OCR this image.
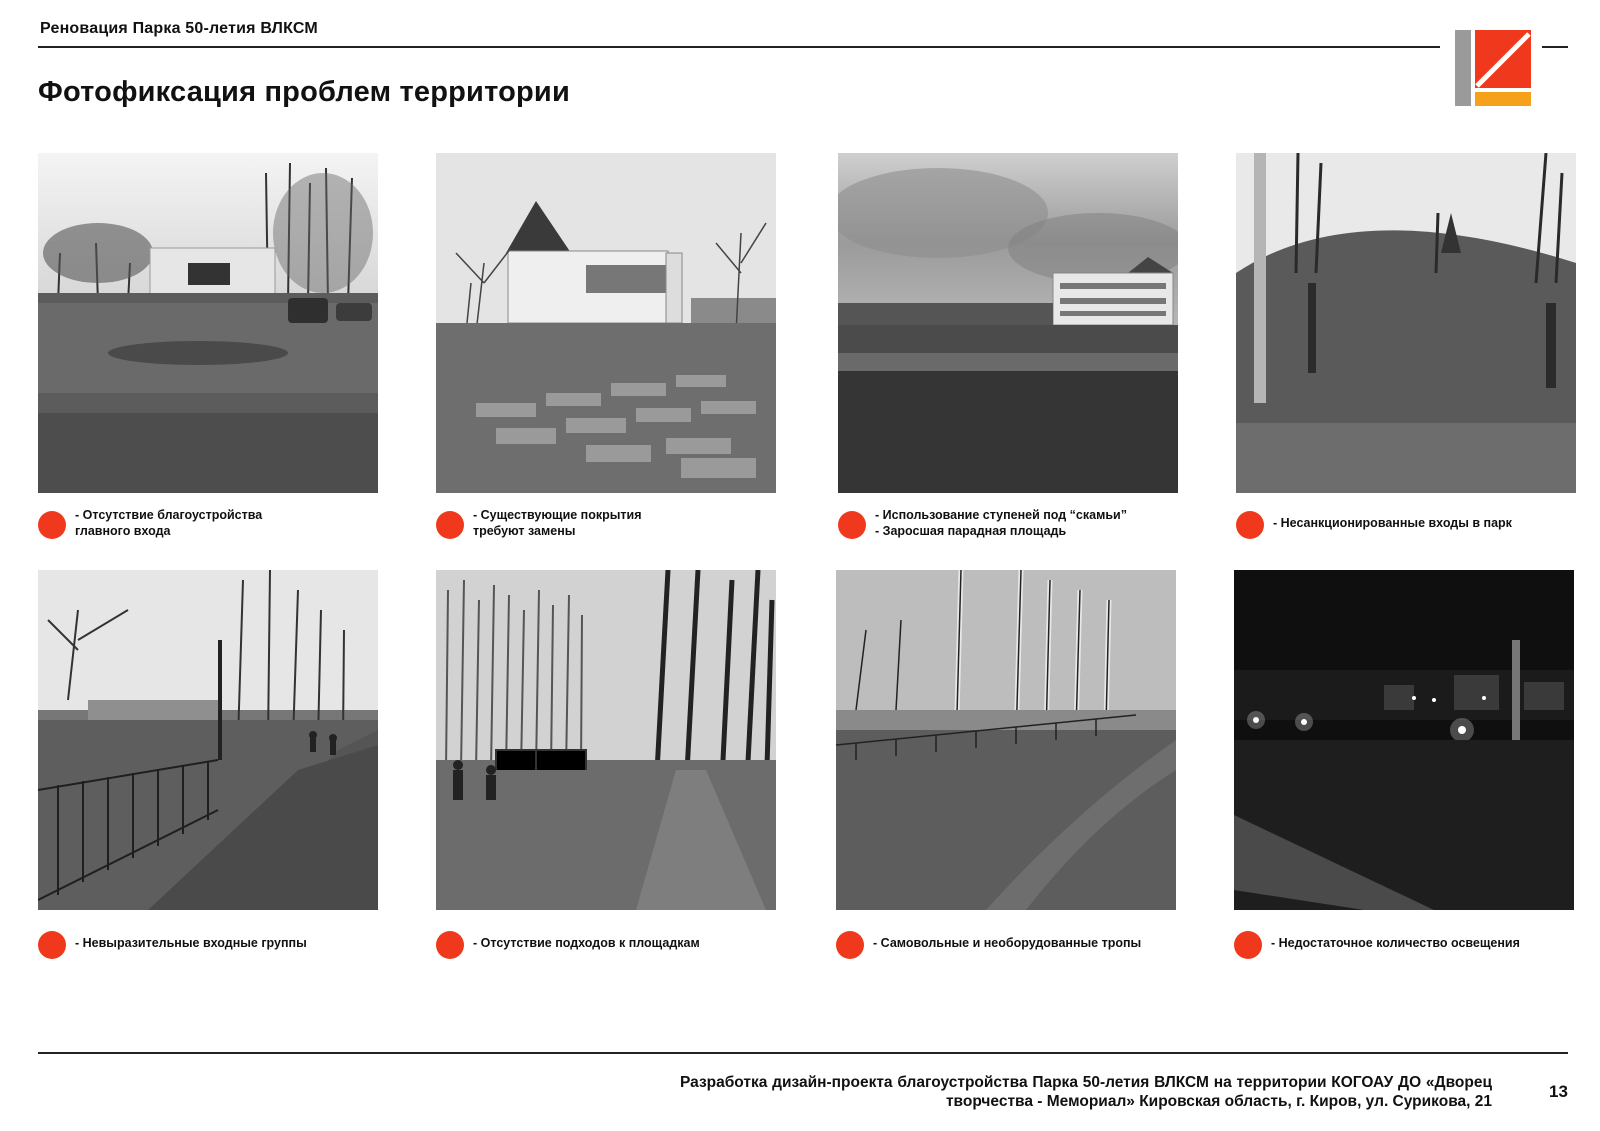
Реновация Парка 50-летия ВЛКСМ
Фотофиксация проблем территории
- Отсутствие благоустройства
главного входа
- Существующие покрытия
требуют замены
- Использование ступеней под “скамьи”
- Заросшая парадная площадь
- Несанкционированные входы в парк
- Невыразительные входные группы	- Отсутствие подходов к площадкам	- Самовольные и необорудованные тропы	- Недостаточное количество освещения
Разработка дизайн-проекта благоустройства Парка 50-летия ВЛКСМ на территории КОГОАУ ДО «Дворец творчества - Мемориал» Кировская область, г. Киров, ул. Сурикова, 21
13
